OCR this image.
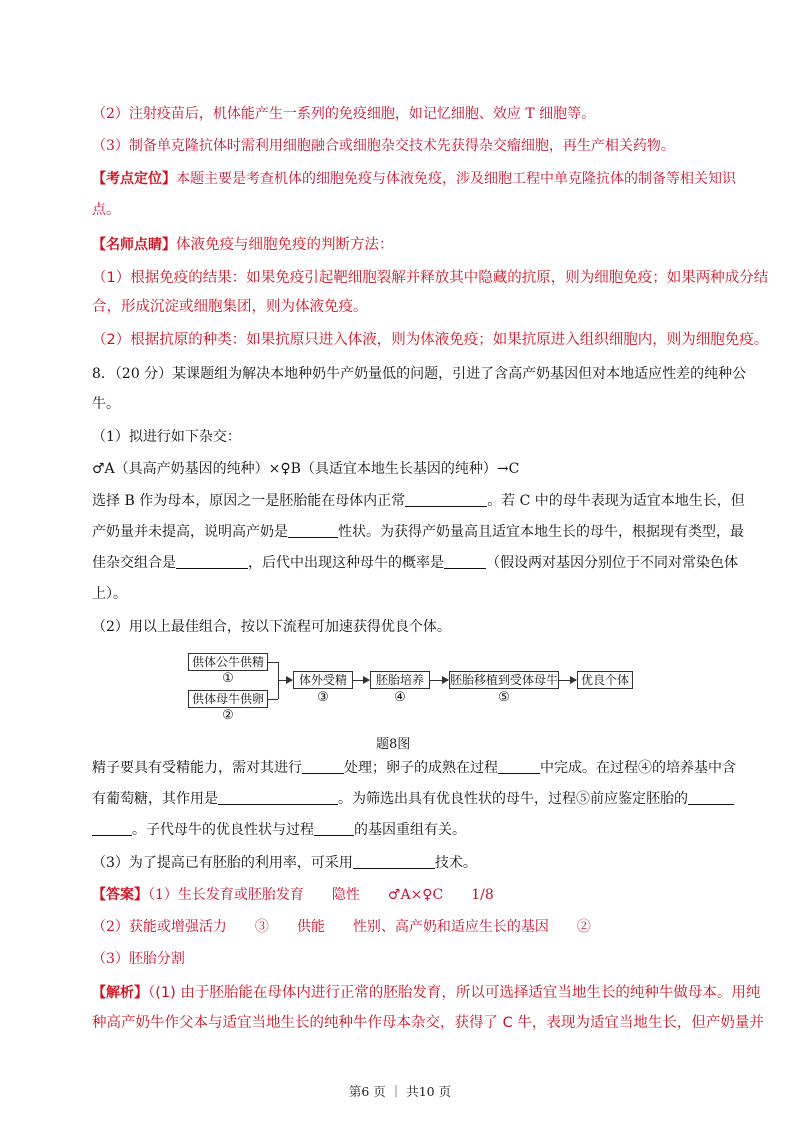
（2）注射疫苗后，机体能产生一系列的免疫细胞，如记忆细胞、效应 T 细胞等。
（3）制备单克隆抗体时需利用细胞融合或细胞杂交技术先获得杂交瘤细胞，再生产相关药物。
【考点定位】本题主要是考查机体的细胞免疫与体液免疫，涉及细胞工程中单克隆抗体的制备等相关知识
点。
【名师点睛】体液免疫与细胞免疫的判断方法：
（1）根据免疫的结果：如果免疫引起靶细胞裂解并释放其中隐藏的抗原，则为细胞免疫；如果两种成分结
合，形成沉淀或细胞集团，则为体液免疫。
（2）根据抗原的种类：如果抗原只进入体液，则为体液免疫；如果抗原进入组织细胞内，则为细胞免疫。
8．（20 分）某课题组为解决本地种奶牛产奶量低的问题，引进了含高产奶基因但对本地适应性差的纯种公
牛。
（1）拟进行如下杂交：
♂A（具高产奶基因的纯种）×♀B（具适宜本地生长基因的纯种）→C
选择 B 作为母本，原因之一是胚胎能在母体内正常	。若 C 中的母牛表现为适宜本地生长，但
产奶量并未提高，说明高产奶是	性状。为获得产奶量高且适宜本地生长的母牛，根据现有类型，最
佳杂交组合是	，后代中出现这种母牛的概率是	（假设两对基因分别位于不同对常染色体
上）。
（2）用以上最佳组合，按以下流程可加速获得优良个体。
供体公牛供精
①
供体母牛供卵
②
体外受精
③
胚胎培养
④
胚胎移植到受体母牛
⑤
优良个体
题8图
精子要具有受精能力，需对其进行	处理；卵子的成熟在过程	中完成。在过程④的培养基中含
有葡萄糖，其作用是	。为筛选出具有优良性状的母牛，过程⑤前应鉴定胚胎的
。子代母牛的优良性状与过程	的基因重组有关。
（3）为了提高已有胚胎的利用率，可采用	技术。
【答案】（1）生长发育或胚胎发育　　隐性　　♂A×♀C　　1/8
（2）获能或增强活力　　③　　供能　　性别、高产奶和适应生长的基因　　②
（3）胚胎分割
【解析】（(1) 由于胚胎能在母体内进行正常的胚胎发育，所以可选择适宜当地生长的纯种牛做母本。用纯
种高产奶牛作父本与适宜当地生长的纯种牛作母本杂交，获得了 C 牛，表现为适宜当地生长，但产奶量并
第6 页 ｜ 共10 页
